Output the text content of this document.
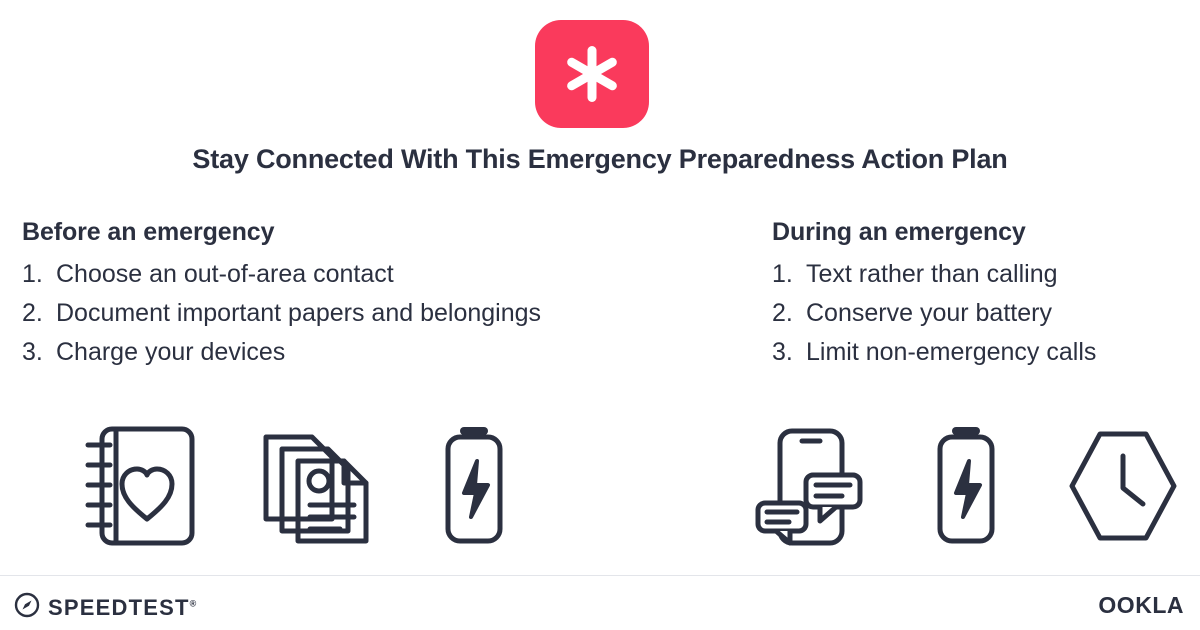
Stay Connected With This Emergency Preparedness Action Plan
Before an emergency
1. Choose an out-of-area contact
2. Document important papers and belongings
3. Charge your devices
During an emergency
1. Text rather than calling
2. Conserve your battery
3. Limit non-emergency calls
SPEEDTEST®	OOKLA
